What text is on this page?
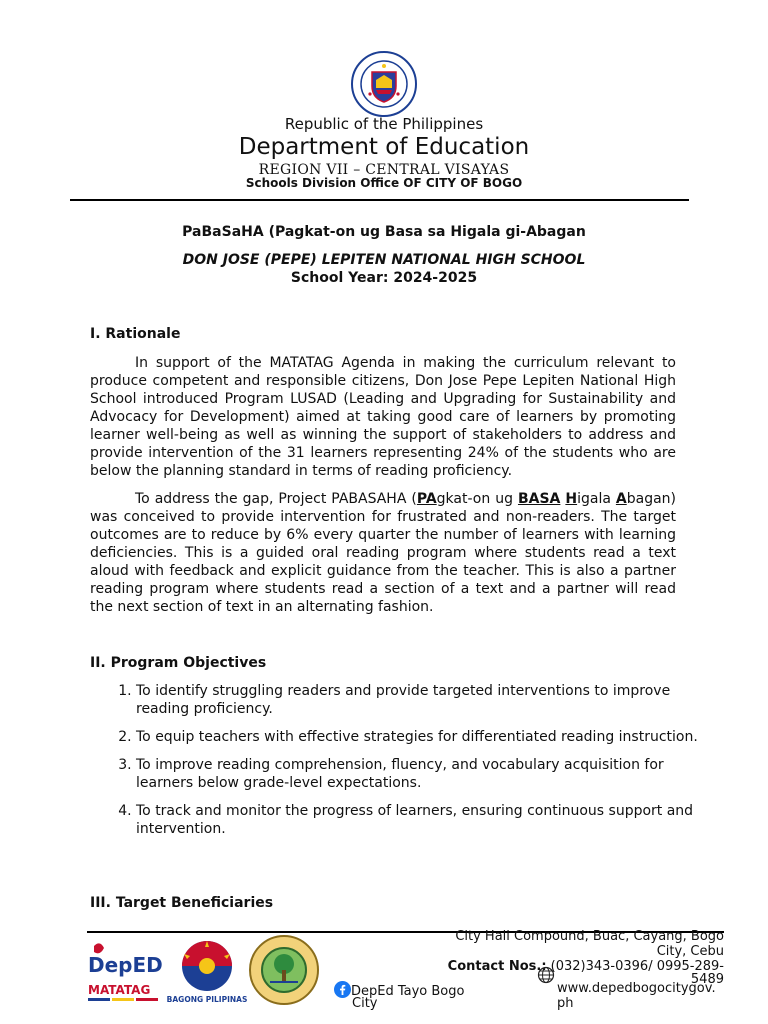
Republic of the Philippines
Department of Education
REGION VII – CENTRAL VISAYAS
Schools Division Office OF CITY OF BOGO
PaBaSaHA (Pagkat-on ug Basa sa Higala gi-Abagan
DON JOSE (PEPE) LEPITEN NATIONAL HIGH SCHOOL
School Year: 2024-2025
I. Rationale

In support of the MATATAG Agenda in making the curriculum relevant to produce competent and responsible citizens, Don Jose Pepe Lepiten National High School introduced Program LUSAD (Leading and Upgrading for Sustainability and Advocacy for Development) aimed at taking good care of learners by promoting learner well-being as well as winning the support of stakeholders to address and provide intervention of the 31 learners representing 24% of the students who are below the planning standard in terms of reading proficiency.

To address the gap, Project PABASAHA (PAgkat-on ug BASA Higala Abagan) was conceived to provide intervention for frustrated and non-readers. The target outcomes are to reduce by 6% every quarter the number of learners with learning deficiencies. This is a guided oral reading program where students read a text aloud with feedback and explicit guidance from the teacher. This is also a partner reading program where students read a section of a text and a partner will read the next section of text in an alternating fashion.

II. Program Objectives
1. To identify struggling readers and provide targeted interventions to improve reading proficiency.
2. To equip teachers with effective strategies for differentiated reading instruction.
3. To improve reading comprehension, fluency, and vocabulary acquisition for learners below grade-level expectations.
4. To track and monitor the progress of learners, ensuring continuous support and intervention.
III. Target Beneficiaries
DepED
MATATAG
BAGONG PILIPINAS
City Hall Compound, Buac, Cayang, Bogo City, Cebu
Contact Nos.: (032)343-0396/ 0995-289-
5489
DepEd Tayo Bogo
City
www.depedbogocitygov.
ph
